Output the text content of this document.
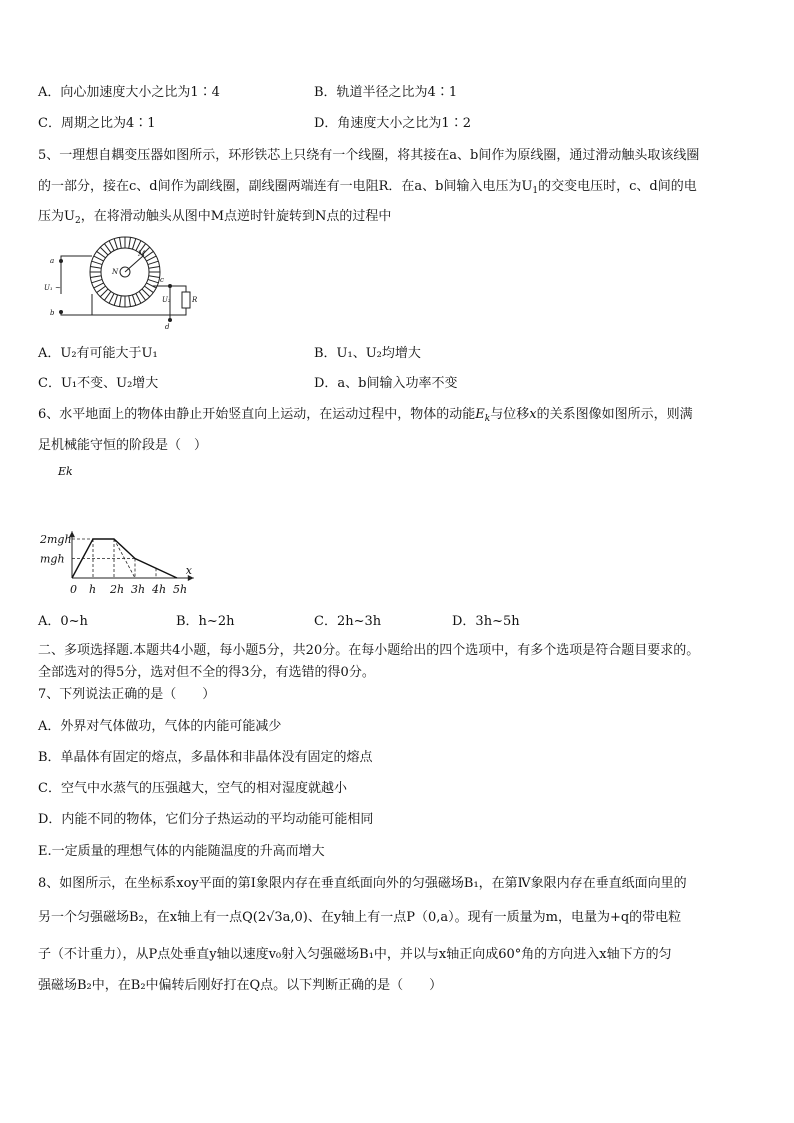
A．向心加速度大小之比为1∶4	B．轨道半径之比为4∶1
C．周期之比为4∶1	D．角速度大小之比为1∶2
5、一理想自耦变压器如图所示，环形铁芯上只绕有一个线圈，将其接在a、b间作为原线圈，通过滑动触头取该线圈
的一部分，接在c、d间作为副线圈，副线圈两端连有一电阻R．在a、b间输入电压为$U_1$的交变电压时，c、d间的电
压为$U_2$，在将滑动触头从图中M点逆时针旋转到N点的过程中
a
b
U₁ ~
c
d
U₂	R
M
N
A．U₂有可能大于U₁	B．U₁、U₂均增大
C．U₁不变、U₂增大	D．a、b间输入功率不变
6、水平地面上的物体由静止开始竖直向上运动，在运动过程中，物体的动能$E_k$与位移x的关系图像如图所示，则满
足机械能守恒的阶段是（　）
0 h 2h 3h 4h 5h
mgh
2mgh
Ek
x
A．0~h	B．h~2h	C．2h~3h	D．3h~5h
二、多项选择题.本题共4小题，每小题5分，共20分。在每小题给出的四个选项中，有多个选项是符合题目要求的。
全部选对的得5分，选对但不全的得3分，有选错的得0分。
7、下列说法正确的是（　　）
A．外界对气体做功，气体的内能可能减少
B．单晶体有固定的熔点，多晶体和非晶体没有固定的熔点
C．空气中水蒸气的压强越大，空气的相对湿度就越小
D．内能不同的物体，它们分子热运动的平均动能可能相同
E.一定质量的理想气体的内能随温度的升高而增大
8、如图所示，在坐标系xoy平面的第Ⅰ象限内存在垂直纸面向外的匀强磁场B₁，在第Ⅳ象限内存在垂直纸面向里的
另一个匀强磁场B₂，在x轴上有一点Q(2√3a,0)、在y轴上有一点P（0,a）。现有一质量为m，电量为+q的带电粒
子（不计重力），从P点处垂直y轴以速度v₀射入匀强磁场B₁中，并以与x轴正向成60°角的方向进入x轴下方的匀
强磁场B₂中，在B₂中偏转后刚好打在Q点。以下判断正确的是（　　）
